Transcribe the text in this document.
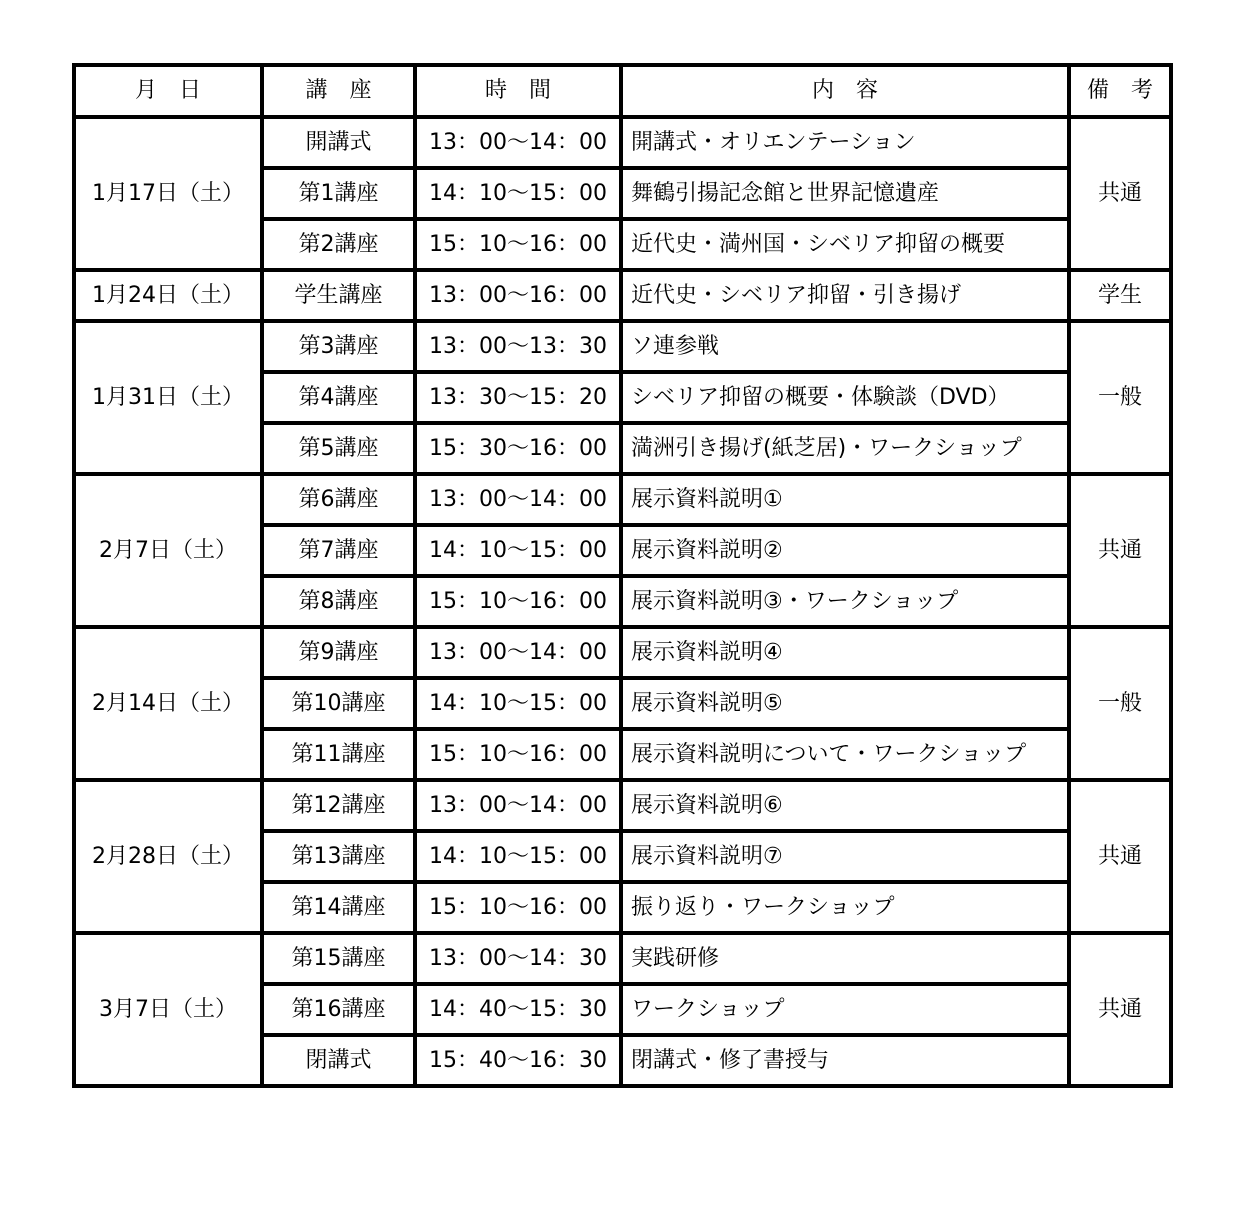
月　日	講　座	時　間	内　容	備　考
1月17日（土）	開講式	13：00～14：00	開講式・オリエンテーション	共通
	第1講座	14：10～15：00	舞鶴引揚記念館と世界記憶遺産	
	第2講座	15：10～16：00	近代史・満州国・シベリア抑留の概要	
1月24日（土）	学生講座	13：00～16：00	近代史・シベリア抑留・引き揚げ	学生
1月31日（土）	第3講座	13：00～13：30	ソ連参戦	一般
	第4講座	13：30～15：20	シベリア抑留の概要・体験談（DVD）	
	第5講座	15：30～16：00	満洲引き揚げ(紙芝居)・ワークショップ	
2月7日（土）	第6講座	13：00～14：00	展示資料説明①	共通
	第7講座	14：10～15：00	展示資料説明②	
	第8講座	15：10～16：00	展示資料説明③・ワークショップ	
2月14日（土）	第9講座	13：00～14：00	展示資料説明④	一般
	第10講座	14：10～15：00	展示資料説明⑤	
	第11講座	15：10～16：00	展示資料説明について・ワークショップ	
2月28日（土）	第12講座	13：00～14：00	展示資料説明⑥	共通
	第13講座	14：10～15：00	展示資料説明⑦	
	第14講座	15：10～16：00	振り返り・ワークショップ	
3月7日（土）	第15講座	13：00～14：30	実践研修	共通
	第16講座	14：40～15：30	ワークショップ	
	閉講式	15：40～16：30	閉講式・修了書授与	
